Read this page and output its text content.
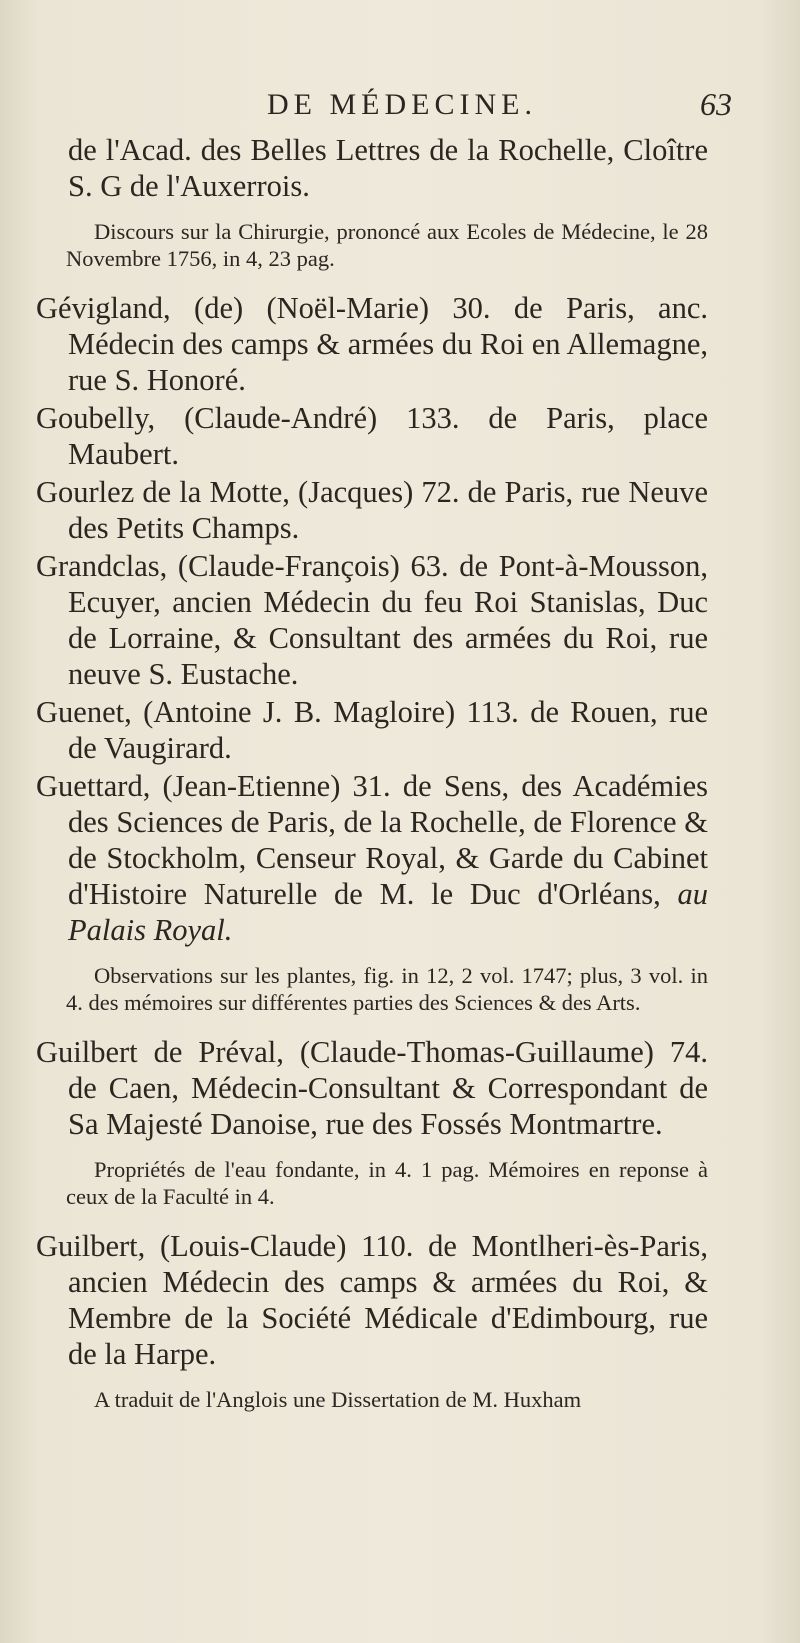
DE MÉDECINE.	63

de l'Acad. des Belles Lettres de la Rochelle, Cloître S. G de l'Auxerrois.

Discours sur la Chirurgie, prononcé aux Ecoles de Médecine, le 28 Novembre 1756, in 4, 23 pag.

Gévigland, (de) (Noël-Marie) 30. de Paris, anc. Médecin des camps & armées du Roi en Allemagne, rue S. Honoré.

Goubelly, (Claude-André) 133. de Paris, place Maubert.

Gourlez de la Motte, (Jacques) 72. de Paris, rue Neuve des Petits Champs.

Grandclas, (Claude-François) 63. de Pont-à-Mousson, Ecuyer, ancien Médecin du feu Roi Stanislas, Duc de Lorraine, & Consultant des armées du Roi, rue neuve S. Eustache.

Guenet, (Antoine J. B. Magloire) 113. de Rouen, rue de Vaugirard.

Guettard, (Jean-Etienne) 31. de Sens, des Académies des Sciences de Paris, de la Rochelle, de Florence & de Stockholm, Censeur Royal, & Garde du Cabinet d'Histoire Naturelle de M. le Duc d'Orléans, au Palais Royal.

Observations sur les plantes, fig. in 12, 2 vol. 1747; plus, 3 vol. in 4. des mémoires sur différentes parties des Sciences & des Arts.

Guilbert de Préval, (Claude-Thomas-Guillaume) 74. de Caen, Médecin-Consultant & Correspondant de Sa Majesté Danoise, rue des Fossés Montmartre.

Propriétés de l'eau fondante, in 4. 1 pag. Mémoires en reponse à ceux de la Faculté in 4.

Guilbert, (Louis-Claude) 110. de Montlheri-ès-Paris, ancien Médecin des camps & armées du Roi, & Membre de la Société Médicale d'Edimbourg, rue de la Harpe.

A traduit de l'Anglois une Dissertation de M. Huxham
